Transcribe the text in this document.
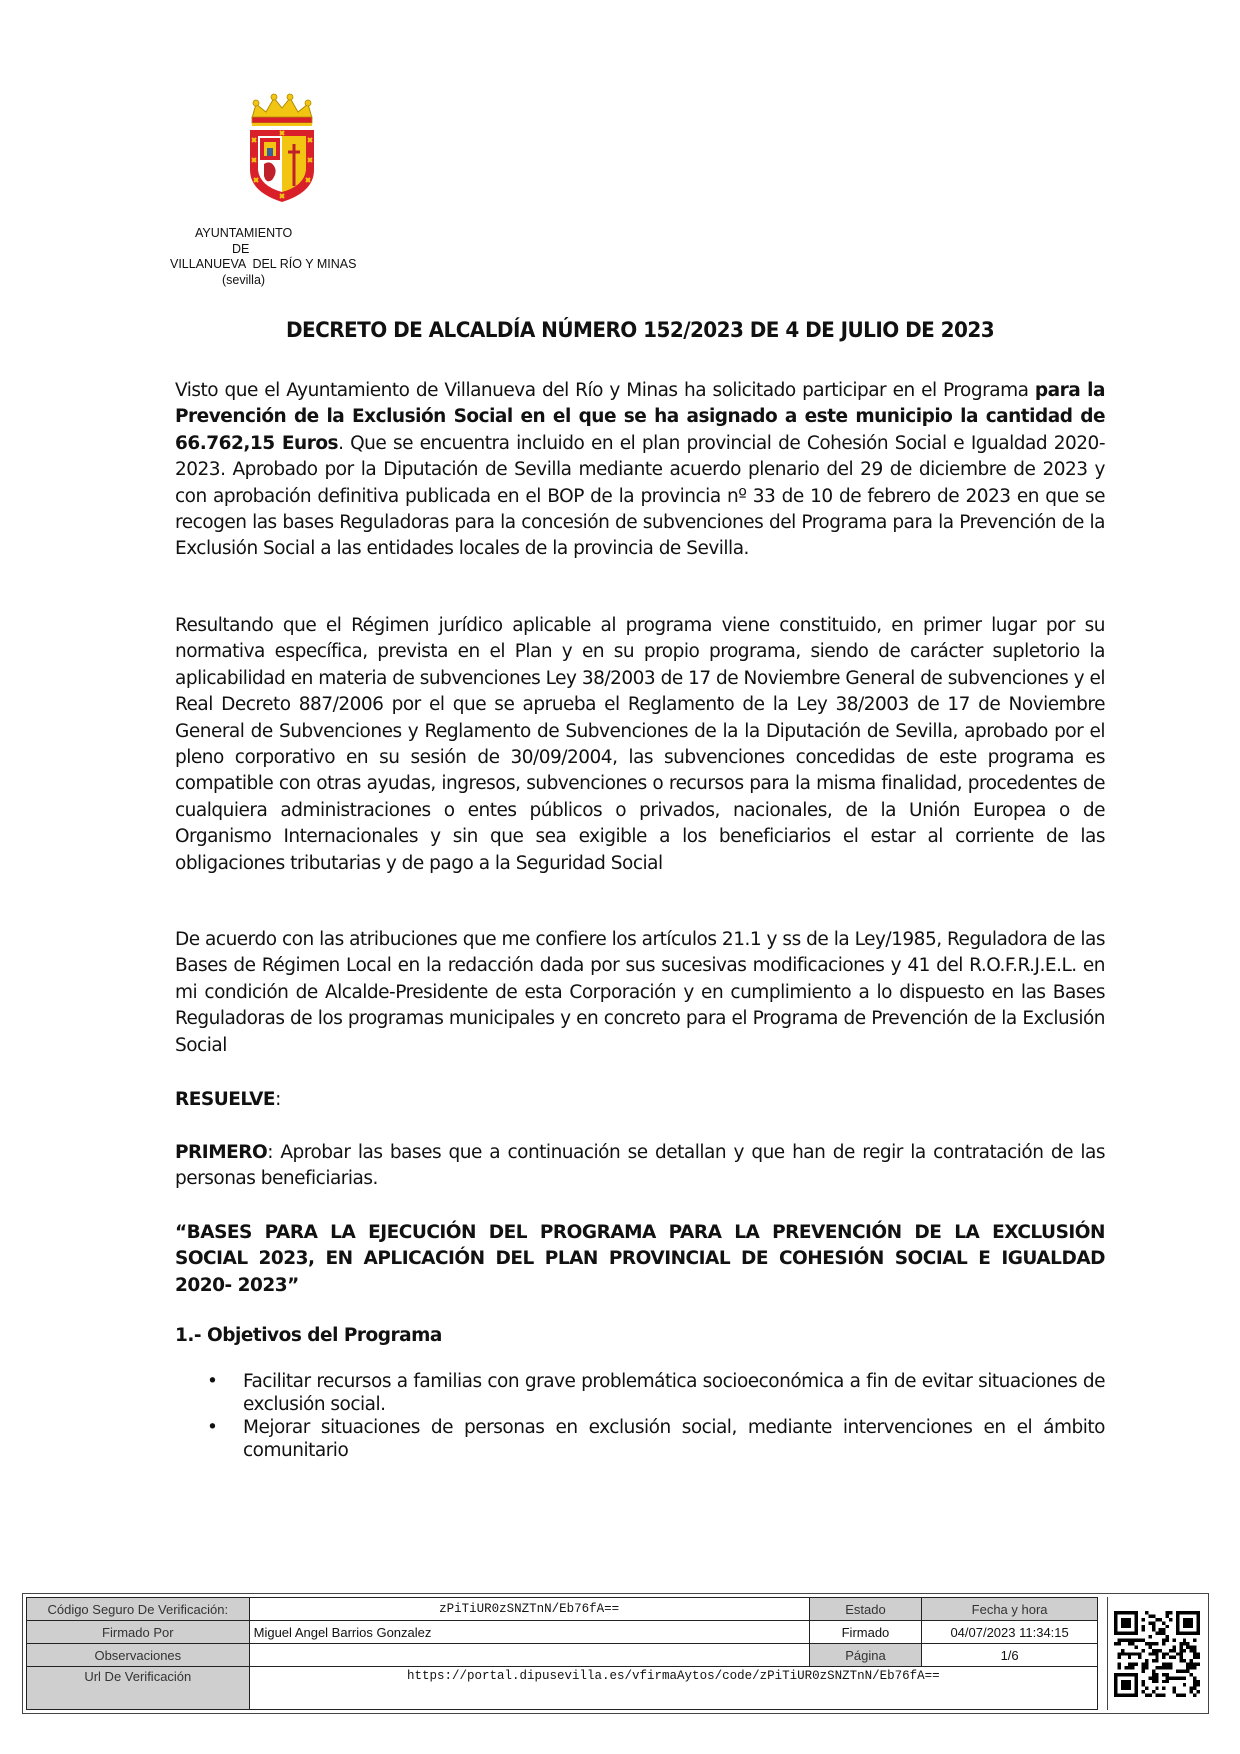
AYUNTAMIENTO
DE
VILLANUEVA  DEL RÍO Y MINAS
(sevilla)
DECRETO DE ALCALDÍA NÚMERO 152/2023 DE 4 DE JULIO DE 2023

Visto que el Ayuntamiento de Villanueva del Río y Minas ha solicitado participar en el Programa para la Prevención de la Exclusión Social en el que se ha asignado a este municipio la cantidad de 66.762,15 Euros. Que se encuentra incluido en el plan provincial de Cohesión Social e Igualdad 2020-2023. Aprobado por la Diputación de Sevilla mediante acuerdo plenario del 29 de diciembre de 2023 y con aprobación definitiva publicada en el BOP de la provincia nº 33 de 10 de febrero de 2023 en que se recogen las bases Reguladoras para la concesión de subvenciones del Programa para la Prevención de la Exclusión Social a las entidades locales de la provincia de Sevilla.

Resultando que el Régimen jurídico aplicable al programa viene constituido, en primer lugar por su normativa específica, prevista en el Plan y en su propio programa, siendo de carácter supletorio la aplicabilidad en materia de subvenciones Ley 38/2003 de 17 de Noviembre General de subvenciones y el Real Decreto 887/2006 por el que se aprueba el Reglamento de la Ley 38/2003 de 17 de Noviembre General de Subvenciones y Reglamento de Subvenciones de la la Diputación de Sevilla, aprobado por el pleno corporativo en su sesión de 30/09/2004, las subvenciones concedidas de este programa es compatible con otras ayudas, ingresos, subvenciones o recursos para la misma finalidad, procedentes de cualquiera administraciones o entes públicos o privados, nacionales, de la Unión Europea o de Organismo Internacionales y sin que sea exigible a los beneficiarios el estar al corriente de las obligaciones tributarias y de pago a la Seguridad Social

De acuerdo con las atribuciones que me confiere los artículos 21.1 y ss de la Ley/1985, Reguladora de las Bases de Régimen Local en la redacción dada por sus sucesivas modificaciones y 41 del R.O.F.R.J.E.L. en mi condición de Alcalde-Presidente de esta Corporación y en cumplimiento a lo dispuesto en las Bases Reguladoras de los programas municipales y en concreto para el Programa de Prevención de la Exclusión Social

RESUELVE:

PRIMERO: Aprobar las bases que a continuación se detallan y que han de regir la contratación de las personas beneficiarias.

“BASES PARA LA EJECUCIÓN DEL PROGRAMA PARA LA PREVENCIÓN DE LA EXCLUSIÓN SOCIAL 2023, EN APLICACIÓN DEL PLAN PROVINCIAL DE COHESIÓN SOCIAL E IGUALDAD 2020- 2023”

1.- Objetivos del Programa

• Facilitar recursos a familias con grave problemática socioeconómica a fin de evitar situaciones de exclusión social.
• Mejorar situaciones de personas en exclusión social, mediante intervenciones en el ámbito comunitario
Código Seguro De Verificación:	zPiTiUR0zSNZTnN/Eb76fA==	Estado	Fecha y hora
Firmado Por	Miguel Angel Barrios Gonzalez	Firmado	04/07/2023 11:34:15
Observaciones		Página	1/6
Url De Verificación	https://portal.dipusevilla.es/vfirmaAytos/code/zPiTiUR0zSNZTnN/Eb76fA==		
